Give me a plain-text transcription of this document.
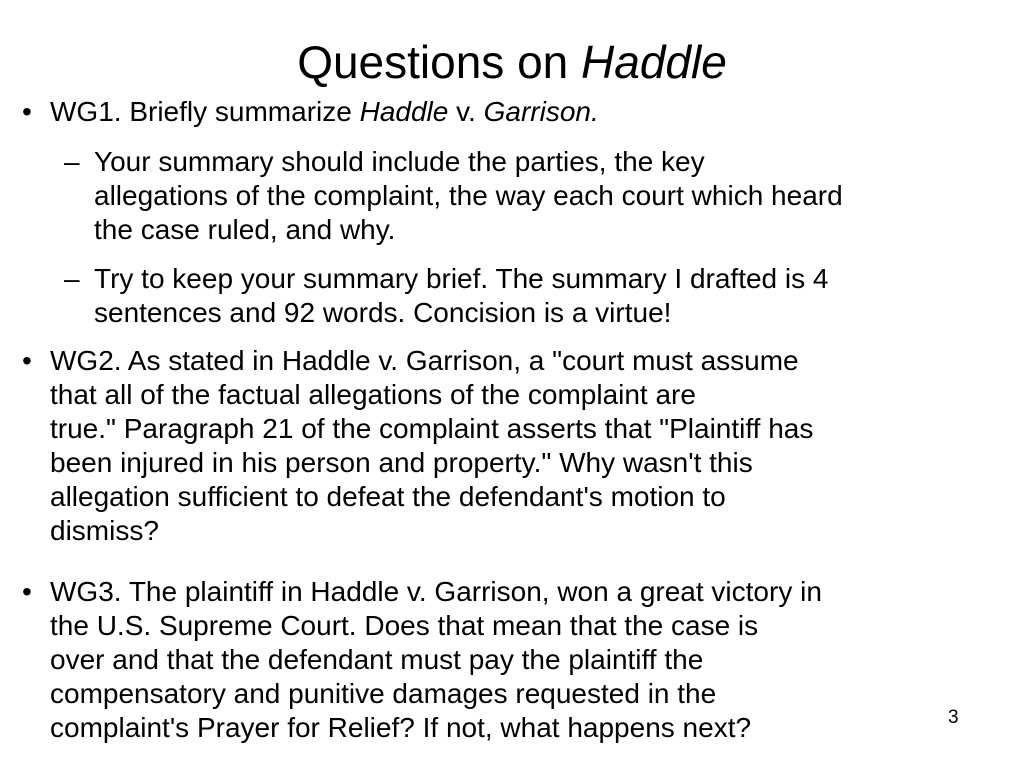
Questions on Haddle
• WG1. Briefly summarize Haddle v. Garrison.
– Your summary should include the parties, the key
allegations of the complaint, the way each court which heard
the case ruled, and why.
– Try to keep your summary brief. The summary I drafted is 4
sentences and 92 words. Concision is a virtue!
• WG2. As stated in Haddle v. Garrison, a "court must assume
that all of the factual allegations of the complaint are
true." Paragraph 21 of the complaint asserts that "Plaintiff has
been injured in his person and property." Why wasn't this
allegation sufficient to defeat the defendant's motion to
dismiss?
• WG3. The plaintiff in Haddle v. Garrison, won a great victory in
the U.S. Supreme Court. Does that mean that the case is
over and that the defendant must pay the plaintiff the
compensatory and punitive damages requested in the
complaint's Prayer for Relief? If not, what happens next?	3
